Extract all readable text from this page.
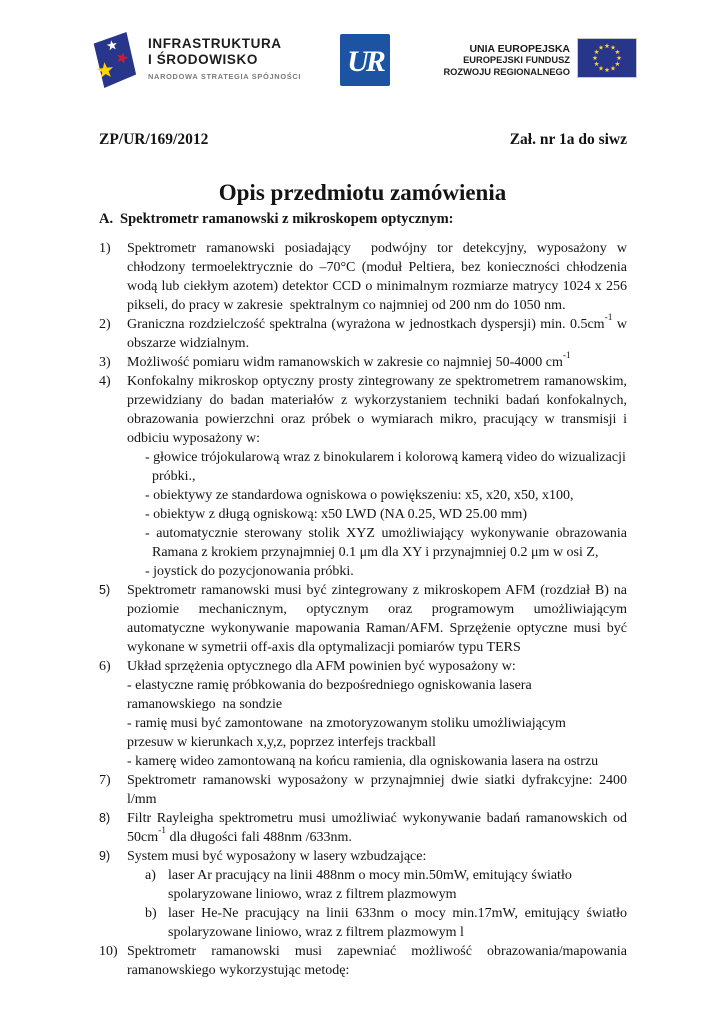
INFRASTRUKTURA
I ŚRODOWISKO
NARODOWA STRATEGIA SPÓJNOŚCI UR	UNIA EUROPEJSKA
EUROPEJSKI FUNDUSZ
ROZWOJU REGIONALNEGO
ZP/UR/169/2012	Zał. nr 1a do siwz
Opis przedmiotu zamówienia
A. Spektrometr ramanowski z mikroskopem optycznym:
1)	Spektrometr ramanowski posiadający  podwójny tor detekcyjny, wyposażony w chłodzony termoelektrycznie do –70°C (moduł Peltiera, bez konieczności chłodzenia wodą lub ciekłym azotem) detektor CCD o minimalnym rozmiarze matrycy 1024 x 256 pikseli, do pracy w zakresie  spektralnym co najmniej od 200 nm do 1050 nm.

2)	Graniczna rozdzielczość spektralna (wyrażona w jednostkach dyspersji) min. $0.5cm^{-1}$ w obszarze widzialnym.

3)	Możliwość pomiaru widm ramanowskich w zakresie co najmniej 50-4000 $cm^{-1}$

4)	Konfokalny mikroskop optyczny prosty zintegrowany ze spektrometrem ramanowskim, przewidziany do badan materiałów z wykorzystaniem techniki badań konfokalnych, obrazowania powierzchni oraz próbek o wymiarach mikro, pracujący w transmisji i odbiciu wyposażony w:

- głowice trójokularową wraz z binokularem i kolorową kamerą video do wizualizacji

próbki.,

- obiektywy ze standardowa ogniskowa o powiększeniu: x5, x20, x50, x100,

- obiektyw z długą ogniskową: x50 LWD (NA 0.25, WD 25.00 mm)

- automatycznie sterowany stolik XYZ umożliwiający wykonywanie obrazowania Ramana z krokiem przynajmniej 0.1 μm dla XY i przynajmniej 0.2 μm w osi Z,

- joystick do pozycjonowania próbki.

5)	Spektrometr ramanowski musi być zintegrowany z mikroskopem AFM (rozdział B) na poziomie mechanicznym, optycznym oraz programowym umożliwiającym automatyczne wykonywanie mapowania Raman/AFM. Sprzężenie optyczne musi być wykonane w symetrii off-axis dla optymalizacji pomiarów typu TERS

6)	Układ sprzężenia optycznego dla AFM powinien być wyposażony w:

- elastyczne ramię próbkowania do bezpośredniego ogniskowania lasera
ramanowskiego  na sondzie

- ramię musi być zamontowane  na zmotoryzowanym stoliku umożliwiającym
przesuw w kierunkach x,y,z, poprzez interfejs trackball

- kamerę wideo zamontowaną na końcu ramienia, dla ogniskowania lasera na ostrzu

7)	Spektrometr ramanowski wyposażony w przynajmniej dwie siatki dyfrakcyjne: 2400 l/mm

8)	Filtr Rayleigha spektrometru musi umożliwiać wykonywanie badań ramanowskich od $50cm^{-1}$ dla długości fali 488nm /633nm.

9)	System musi być wyposażony w lasery wzbudzające:

a) laser Ar pracujący na linii 488nm o mocy min.50mW, emitujący światło
spolaryzowane liniowo, wraz z filtrem plazmowym

b) laser He-Ne pracujący na linii 633nm o mocy min.17mW, emitujący światło spolaryzowane liniowo, wraz z filtrem plazmowym l

10) Spektrometr ramanowski musi zapewniać możliwość obrazowania/mapowania ramanowskiego wykorzystując metodę:
